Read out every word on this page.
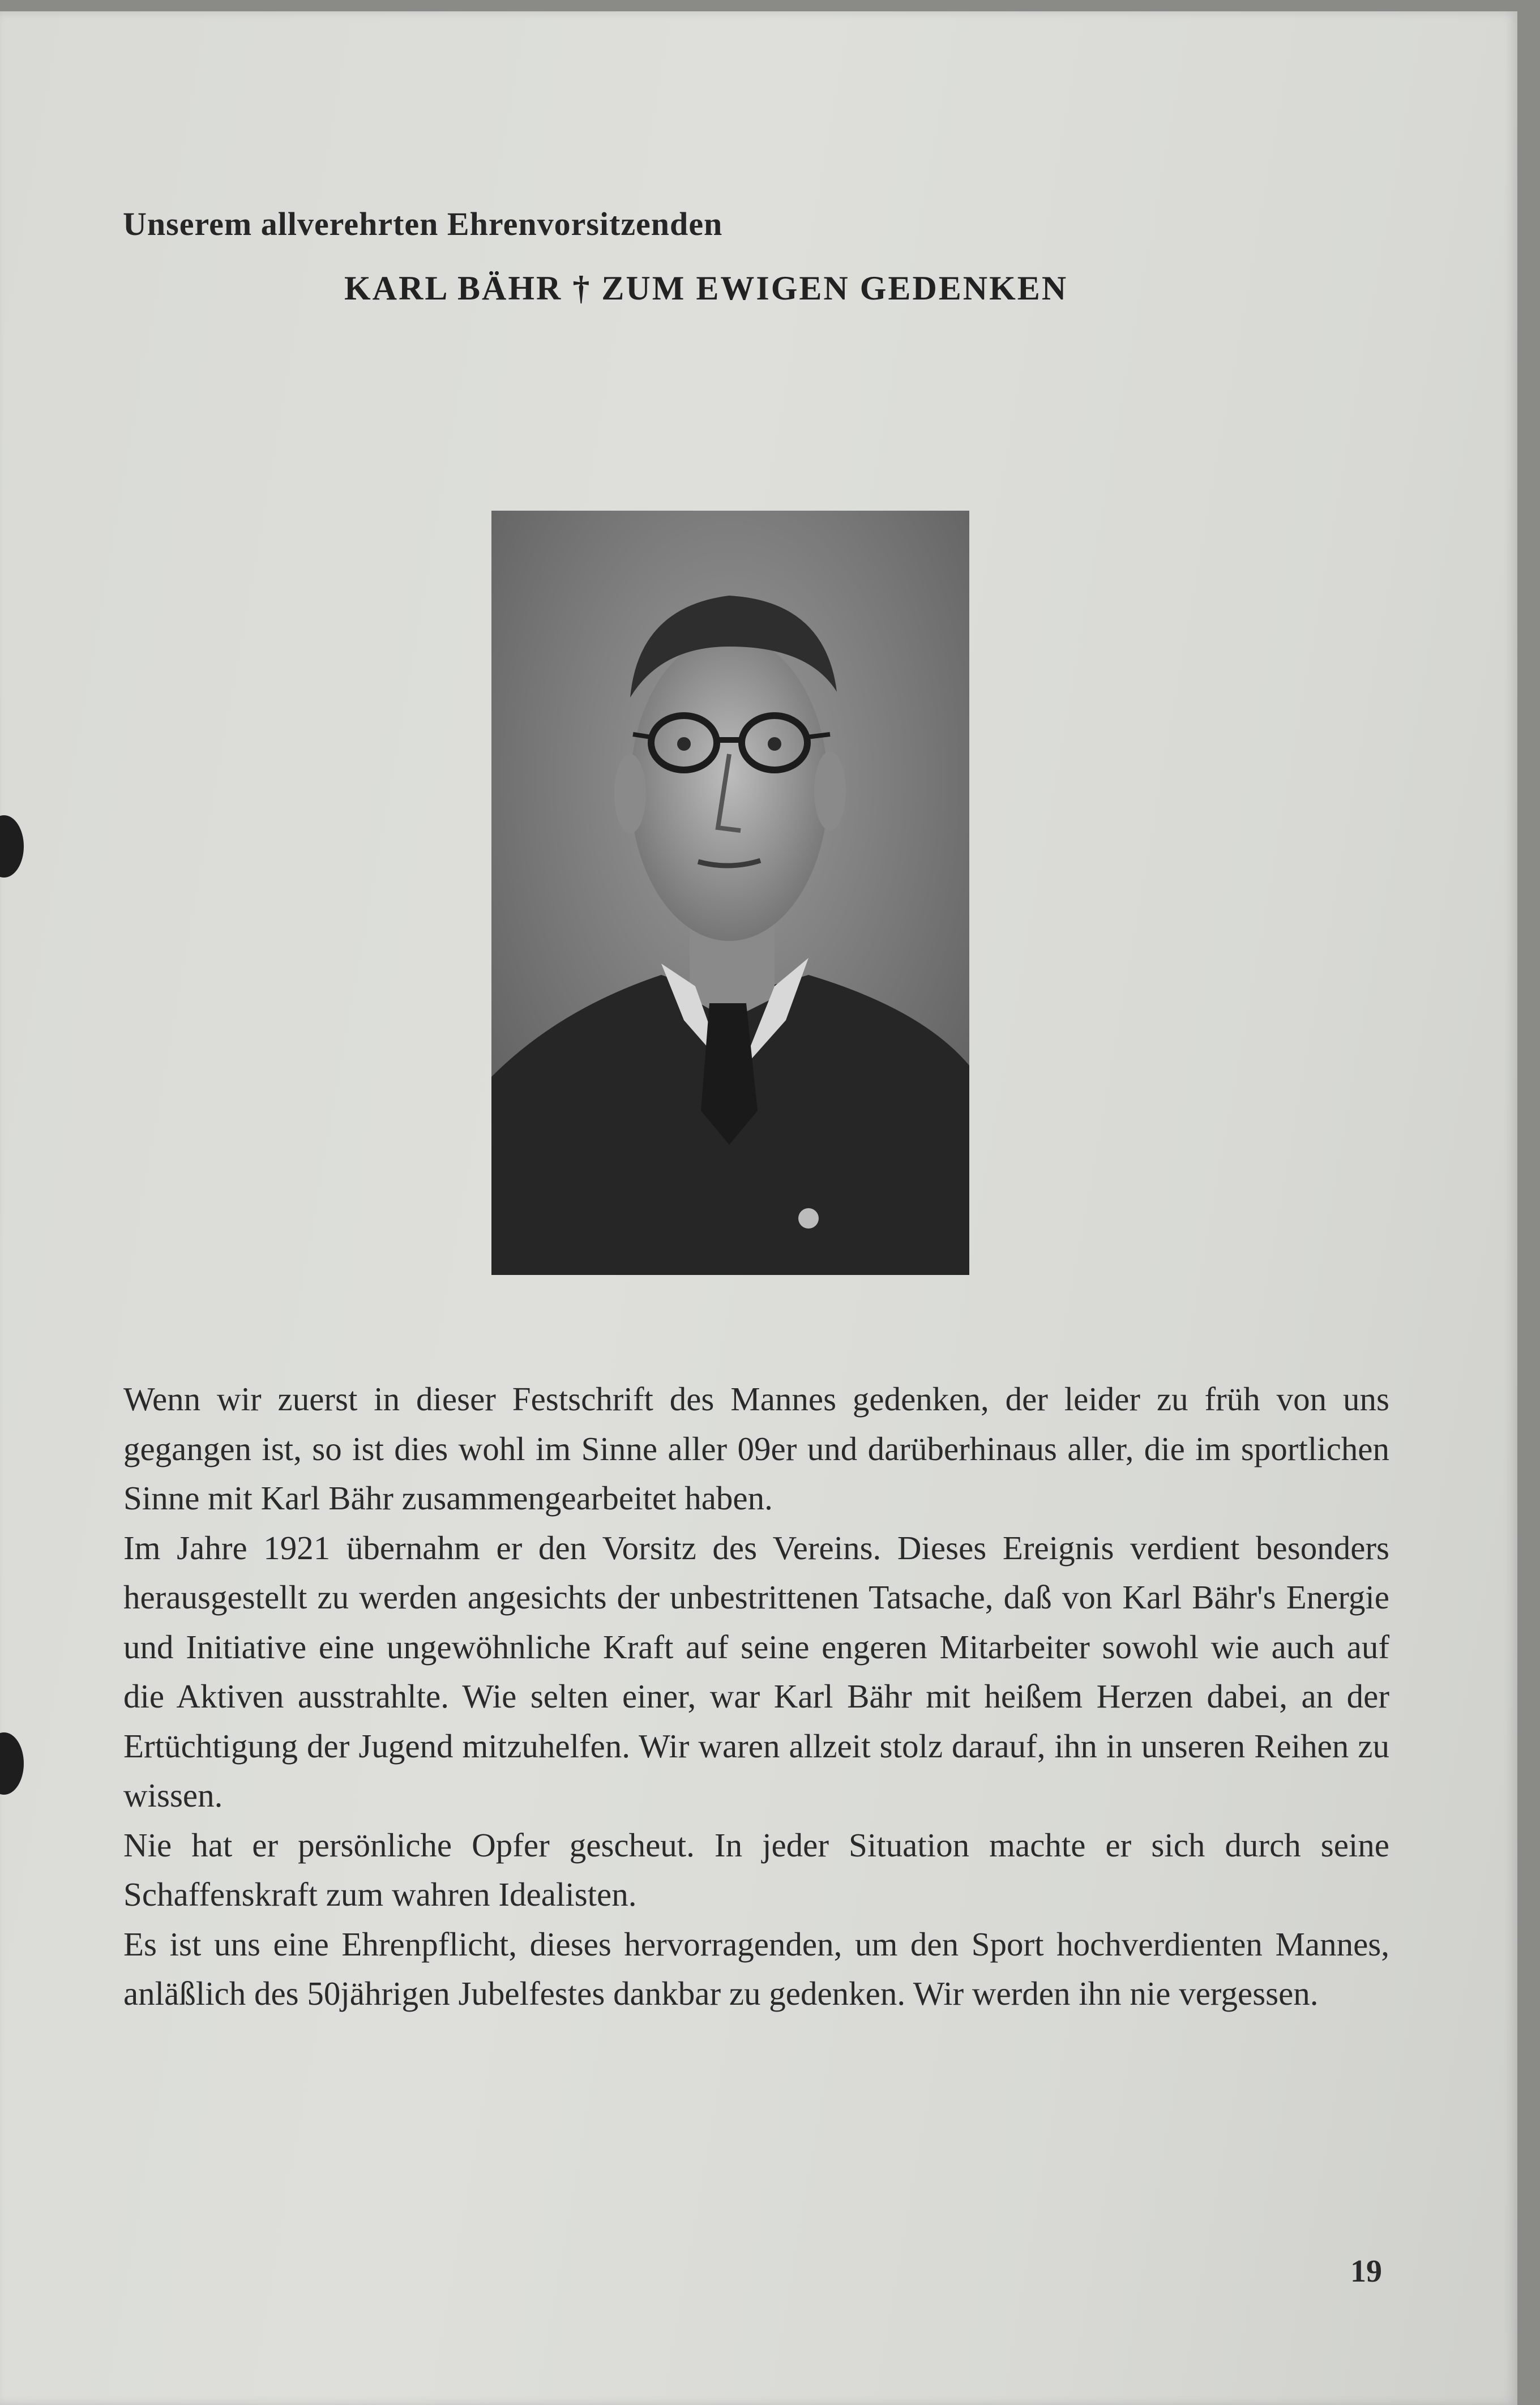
Unserem allverehrten Ehrenvorsitzenden
KARL BÄHR † ZUM EWIGEN GEDENKEN

Wenn wir zuerst in dieser Festschrift des Mannes gedenken, der leider zu früh von uns gegangen ist, so ist dies wohl im Sinne aller 09er und darüberhinaus aller, die im sportlichen Sinne mit Karl Bähr zusammengearbeitet haben.

Im Jahre 1921 übernahm er den Vorsitz des Vereins. Dieses Ereignis verdient besonders herausgestellt zu werden angesichts der unbestrittenen Tatsache, daß von Karl Bähr's Energie und Initiative eine ungewöhnliche Kraft auf seine engeren Mitarbeiter sowohl wie auch auf die Aktiven ausstrahlte. Wie selten einer, war Karl Bähr mit heißem Herzen dabei, an der Ertüchtigung der Jugend mitzuhelfen. Wir waren allzeit stolz darauf, ihn in unseren Reihen zu wissen.

Nie hat er persönliche Opfer gescheut. In jeder Situation machte er sich durch seine Schaffenskraft zum wahren Idealisten.

Es ist uns eine Ehrenpflicht, dieses hervorragenden, um den Sport hochverdienten Mannes, anläßlich des 50jährigen Jubelfestes dankbar zu gedenken. Wir werden ihn nie vergessen.

19
